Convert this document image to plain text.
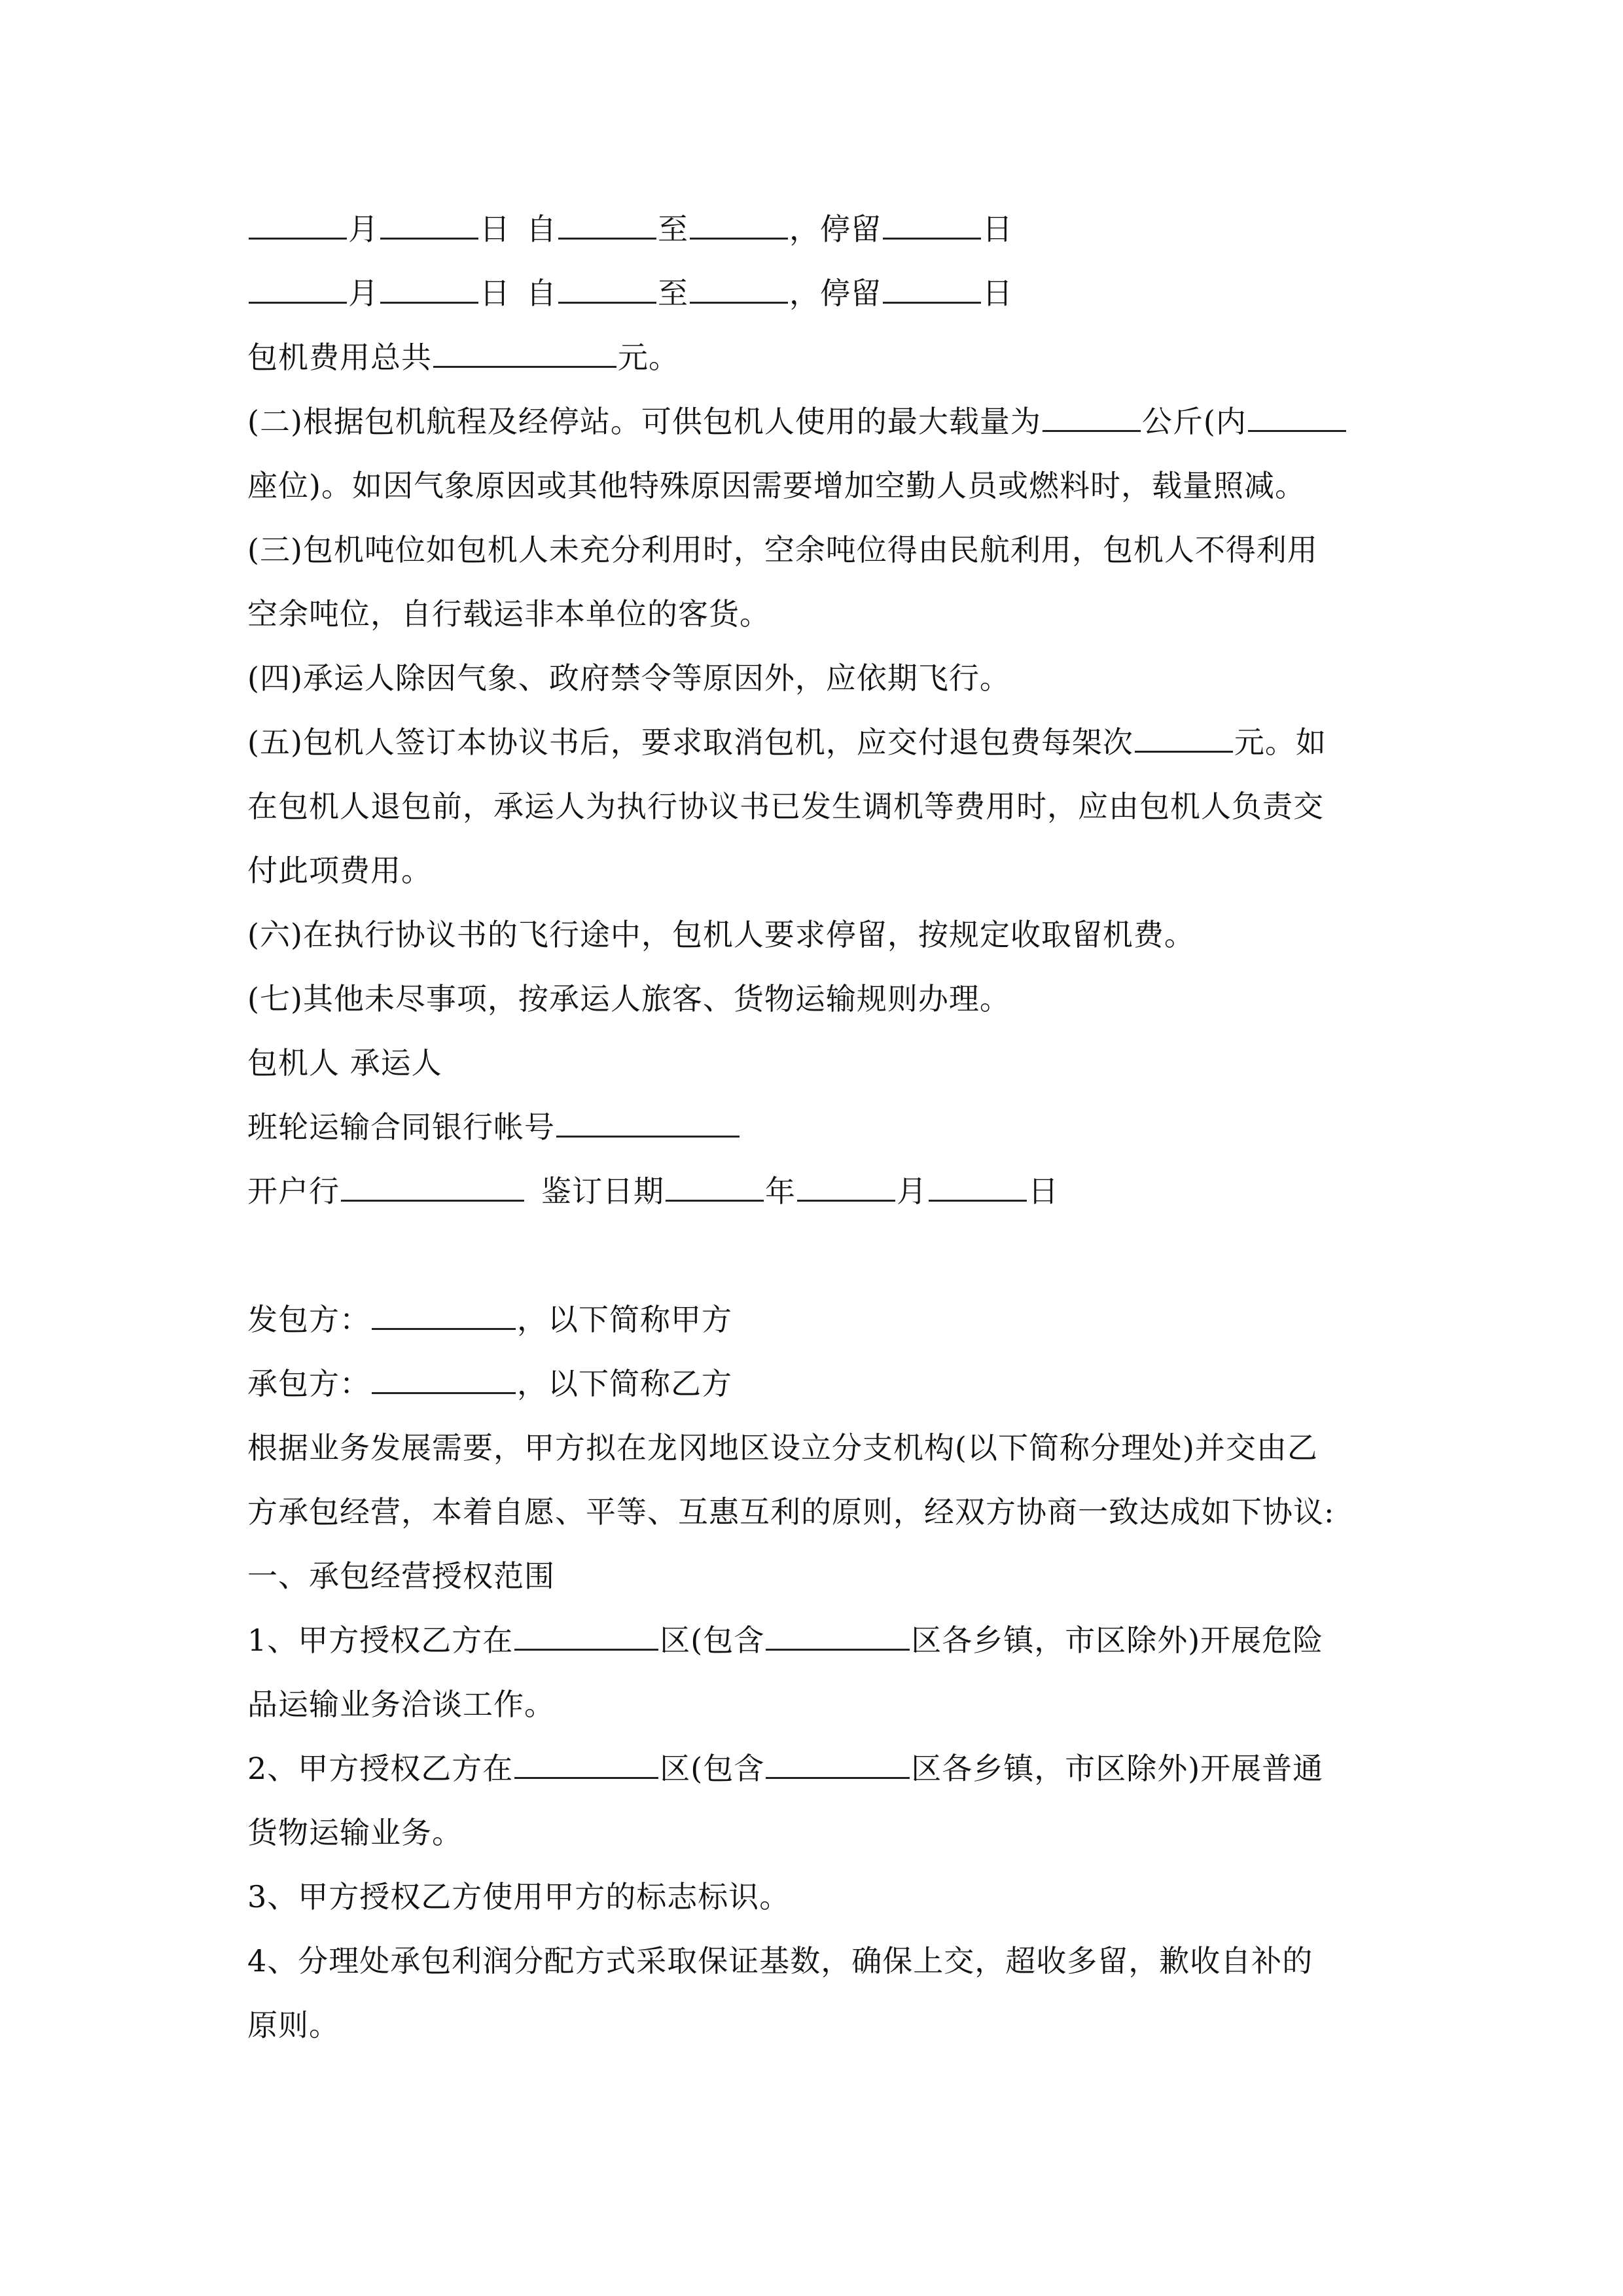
月	日 自	至	，停留	日
月	日 自	至	，停留	日
包机费用总共	元。
(二)根据包机航程及经停站。可供包机人使用的最大载量为	公斤(内
座位)。如因气象原因或其他特殊原因需要增加空勤人员或燃料时，载量照减。
(三)包机吨位如包机人未充分利用时，空余吨位得由民航利用，包机人不得利用
空余吨位，自行载运非本单位的客货。
(四)承运人除因气象、政府禁令等原因外，应依期飞行。
(五)包机人签订本协议书后，要求取消包机，应交付退包费每架次	元。如
在包机人退包前，承运人为执行协议书已发生调机等费用时，应由包机人负责交
付此项费用。
(六)在执行协议书的飞行途中，包机人要求停留，按规定收取留机费。
(七)其他未尽事项，按承运人旅客、货物运输规则办理。
包机人 承运人
班轮运输合同银行帐号
开户行	鉴订日期	年	月	日
发包方：	，以下简称甲方
承包方：	，以下简称乙方
根据业务发展需要，甲方拟在龙冈地区设立分支机构(以下简称分理处)并交由乙
方承包经营，本着自愿、平等、互惠互利的原则，经双方协商一致达成如下协议:
一、承包经营授权范围
1、甲方授权乙方在	区(包含	区各乡镇，市区除外)开展危险
品运输业务洽谈工作。
2、甲方授权乙方在	区(包含	区各乡镇，市区除外)开展普通
货物运输业务。
3、甲方授权乙方使用甲方的标志标识。
4、分理处承包利润分配方式采取保证基数，确保上交，超收多留，歉收自补的
原则。
